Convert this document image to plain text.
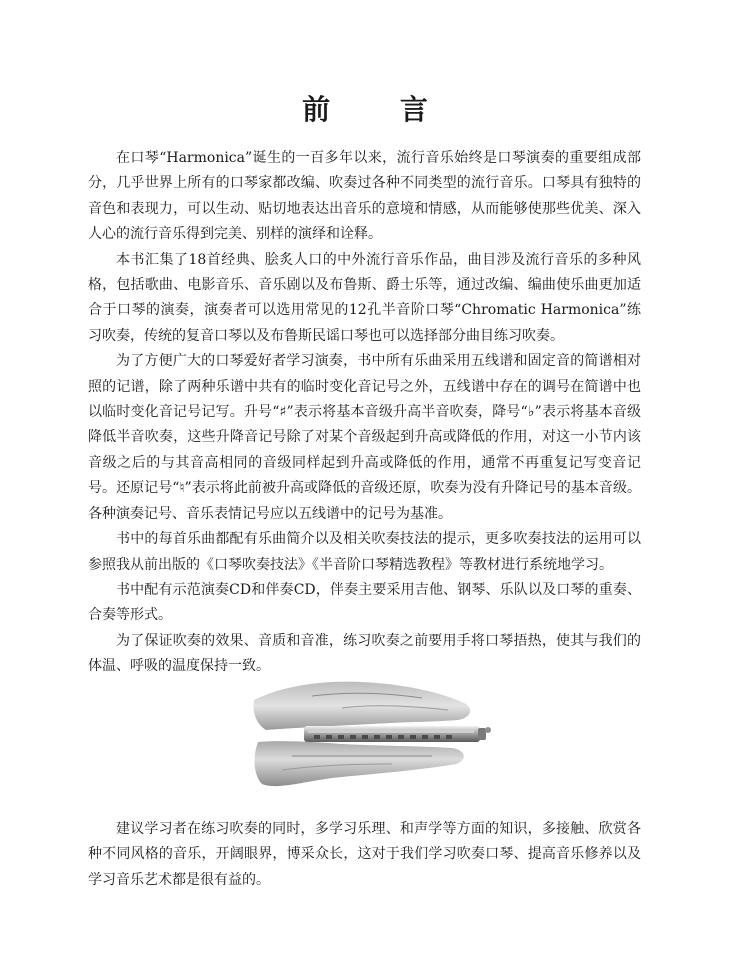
前 言

在口琴“Harmonica”诞生的一百多年以来，流行音乐始终是口琴演奏的重要组成部分，几乎世界上所有的口琴家都改编、吹奏过各种不同类型的流行音乐。口琴具有独特的音色和表现力，可以生动、贴切地表达出音乐的意境和情感，从而能够使那些优美、深入人心的流行音乐得到完美、别样的演绎和诠释。

本书汇集了18首经典、脍炙人口的中外流行音乐作品，曲目涉及流行音乐的多种风格，包括歌曲、电影音乐、音乐剧以及布鲁斯、爵士乐等，通过改编、编曲使乐曲更加适合于口琴的演奏，演奏者可以选用常见的12孔半音阶口琴“Chromatic Harmonica”练习吹奏，传统的复音口琴以及布鲁斯民谣口琴也可以选择部分曲目练习吹奏。

为了方便广大的口琴爱好者学习演奏，书中所有乐曲采用五线谱和固定音的简谱相对照的记谱，除了两种乐谱中共有的临时变化音记号之外，五线谱中存在的调号在简谱中也以临时变化音记号记写。升号“♯”表示将基本音级升高半音吹奏，降号“♭”表示将基本音级降低半音吹奏，这些升降音记号除了对某个音级起到升高或降低的作用，对这一小节内该音级之后的与其音高相同的音级同样起到升高或降低的作用，通常不再重复记写变音记号。还原记号“♮”表示将此前被升高或降低的音级还原，吹奏为没有升降记号的基本音级。各种演奏记号、音乐表情记号应以五线谱中的记号为基准。

书中的每首乐曲都配有乐曲简介以及相关吹奏技法的提示，更多吹奏技法的运用可以参照我从前出版的《口琴吹奏技法》《半音阶口琴精选教程》等教材进行系统地学习。

书中配有示范演奏CD和伴奏CD，伴奏主要采用吉他、钢琴、乐队以及口琴的重奏、合奏等形式。

为了保证吹奏的效果、音质和音准，练习吹奏之前要用手将口琴捂热，使其与我们的体温、呼吸的温度保持一致。

建议学习者在练习吹奏的同时，多学习乐理、和声学等方面的知识，多接触、欣赏各种不同风格的音乐，开阔眼界，博采众长，这对于我们学习吹奏口琴、提高音乐修养以及学习音乐艺术都是很有益的。
